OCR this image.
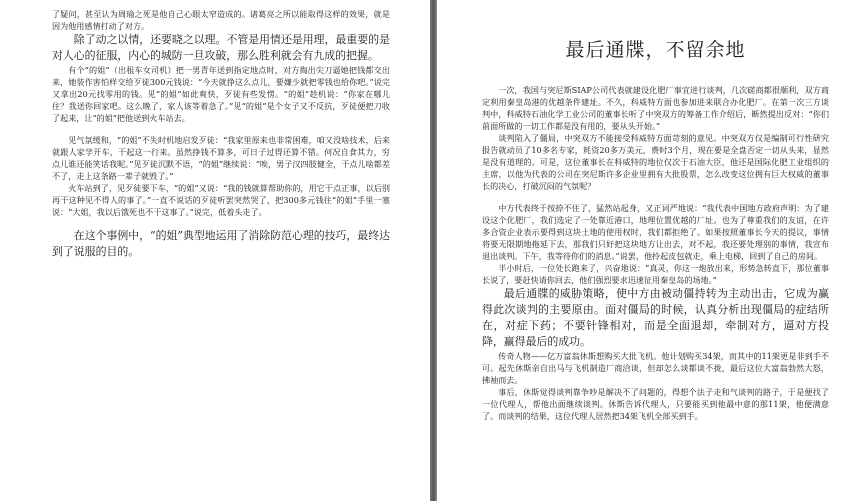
了疑问，甚至认为周瑜之死是他自己心眼太窄造成的。诸葛亮之所以能取得这样的效果，就是因为他用感情打动了对方。

除了动之以情，还要晓之以理。不管是用情还是用理，最重要的是对人心的征服，内心的城防一旦攻破，那么胜利就会有九成的把握。

有个“的姐”（出租车女司机）把一男青年送到指定地点时，对方掏出尖刀逼她把钱都交出来，她装作害怕样交给歹徒300元钱说：“今天就挣这么点儿，要嫌少就把零钱也给你吧。”说完又拿出20元找零用的钱。见“的姐”如此爽快，歹徒有些发愣。“的姐”趁机说：“你家在哪儿住？我送你回家吧。这么晚了，家人该等着急了。”见“的姐”是个女子又不反抗，歹徒便把刀收了起来，让“的姐”把他送到火车站去。

见气氛缓和，“的姐”不失时机地启发歹徒：“我家里原来也非常困难，咱又没啥技术，后来就跟人家学开车，干起这一行来。虽然挣钱不算多，可日子过得还算不错。何况自食其力，穷点儿谁还能笑话我呢。”见歹徒沉默不语，“的姐”继续说：“唉，男子汉四肢健全，干点儿啥都差不了，走上这条路一辈子就毁了。”

火车站到了，见歹徒要下车，“的姐”又说：“我的钱就算帮助你的，用它干点正事，以后别再干这种见不得人的事了。”一直不说话的歹徒听罢突然哭了，把300多元钱往“的姐”手里一塞说：“大姐，我以后饿死也不干这事了。”说完，低着头走了。

在这个事例中，“的姐”典型地运用了消除防范心理的技巧，最终达到了说服的目的。

最后通牒，不留余地

一次，我国与突尼斯SIAP公司代表就建设化肥厂事宜进行谈判，几次磋商都很顺利，双方商定利用秦皇岛港的优越条件建址。不久，科威特方面也参加进来联合办化肥厂。在第一次三方谈判中，科威特石油化学工业公司的董事长听了中突双方的筹备工作介绍后，断然提出反对：“你们前面所做的一切工作都是没有用的，要从头开始。”

谈判陷入了僵局，中突双方不能接受科威特方面苛刻的意见。中突双方仅是编制可行性研究报告就动员了10多名专家，耗资20多万美元，费时3个月，现在要是全盘否定一切从头来，显然是没有道理的。可是，这位董事长在科威特的地位仅次于石油大臣，他还是国际化肥工业组织的主席，以他为代表的公司在突尼斯许多企业里拥有大批股票，怎么改变这位拥有巨大权威的董事长的决心，打破沉闷的气氛呢？

中方代表终于按捺不住了，猛然站起身，又正词严地说：“我代表中国地方政府声明：为了建设这个化肥厂，我们选定了一处靠近港口，地理位置优越的厂址。也为了尊重我们的友谊，在许多合资企业表示要得到这块土地的使用权时，我们都拒绝了。如果按照董事长今天的提议，事情将要无限期地拖延下去，那我们只好把这块地方让出去，对不起，我还要处理别的事情，我宣布退出谈判。下午，我等待你们的消息。”说罢，他拎起皮包就走，乘上电梯，回到了自己的房间。

半小时后，一位处长跑来了，兴奋地说：“真灵，你这一炮放出来，形势急转直下，那位董事长说了，要赶快请你回去，他们强烈要求迅速征用秦皇岛的场地。”

最后通牒的威胁策略，使中方由被动僵持转为主动出击，它成为赢得此次谈判的主要原由。面对僵局的时候，认真分析出现僵局的症结所在，对症下药；不要针锋相对，而是全面退却，牵制对方，逼对方投降，赢得最后的成功。

传奇人物——亿万富翁休斯想购买大批飞机。他计划购买34架，而其中的11架更是非到手不可。起先休斯亲自出马与飞机制造厂商洽谈，但却怎么谈都谈不拢，最后这位大富翁勃然大怒，拂袖而去。

事后，休斯觉得谈判靠争吵是解决不了问题的，得想个法子走和气谈判的路子，于是便找了一位代理人，帮他出面继续谈判。休斯告诉代理人，只要能买到他最中意的那11架，他便满意了。而谈判的结果，这位代理人居然把34架飞机全部买到手。
